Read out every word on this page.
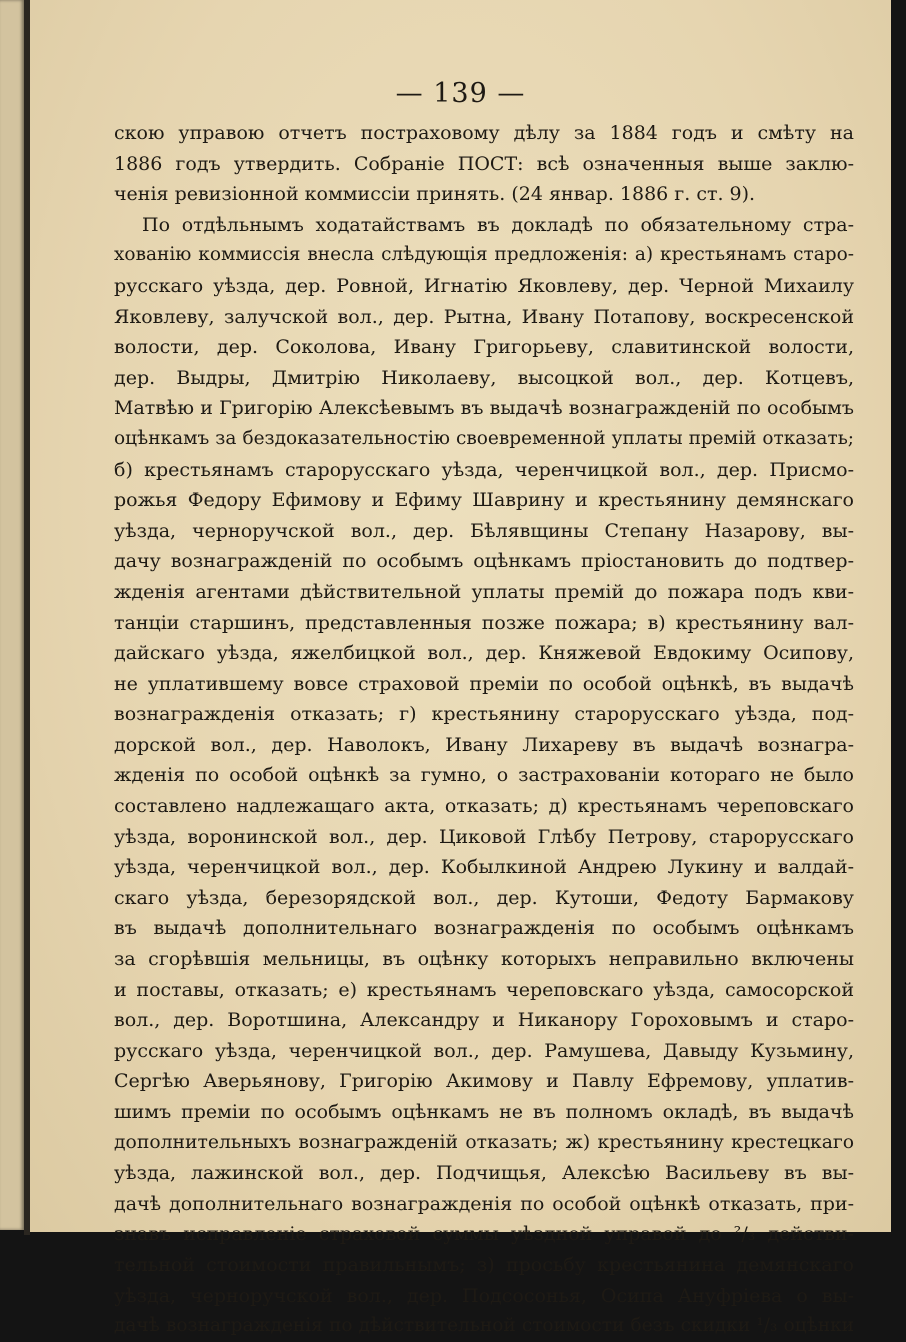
— 139 —
скою управою отчетъ постраховому дѣлу за 1884 годъ и смѣту на
1886 годъ утвердить. Собраніе ПОСТ: всѣ означенныя выше заклю-
ченія ревизіонной коммиссіи принять. (24 январ. 1886 г. ст. 9).
По отдѣльнымъ ходатайствамъ въ докладѣ по обязательному стра-
хованію коммиссія внесла слѣдующія предложенія: а) крестьянамъ старо-
русскаго уѣзда, дер. Ровной, Игнатію Яковлеву, дер. Черной Михаилу
Яковлеву, залучской вол., дер. Рытна, Ивану Потапову, воскресенской
волости, дер. Соколова, Ивану Григорьеву, славитинской волости,
дер. Выдры, Дмитрію Николаеву, высоцкой вол., дер. Котцевъ,
Матвѣю и Григорію Алексѣевымъ въ выдачѣ вознагражденій по особымъ
оцѣнкамъ за бездоказательностію своевременной уплаты премій отказать;
б) крестьянамъ старорусскаго уѣзда, черенчицкой вол., дер. Присмо-
рожья Федору Ефимову и Ефиму Шаврину и крестьянину демянскаго
уѣзда, черноручской вол., дер. Бѣлявщины Степану Назарову, вы-
дачу вознагражденій по особымъ оцѣнкамъ пріостановить до подтвер-
жденія агентами дѣйствительной уплаты премій до пожара подъ кви-
танціи старшинъ, представленныя позже пожара; в) крестьянину вал-
дайскаго уѣзда, яжелбицкой вол., дер. Княжевой Евдокиму Осипову,
не уплатившему вовсе страховой преміи по особой оцѣнкѣ, въ выдачѣ
вознагражденія отказать; г) крестьянину старорусскаго уѣзда, под-
дорской вол., дер. Наволокъ, Ивану Лихареву въ выдачѣ вознагра-
жденія по особой оцѣнкѣ за гумно, о застрахованіи котораго не было
составлено надлежащаго акта, отказать; д) крестьянамъ череповскаго
уѣзда, воронинской вол., дер. Циковой Глѣбу Петрову, старорусскаго
уѣзда, черенчицкой вол., дер. Кобылкиной Андрею Лукину и валдай-
скаго уѣзда, березорядской вол., дер. Кутоши, Федоту Бармакову
въ выдачѣ дополнительнаго вознагражденія по особымъ оцѣнкамъ
за сгорѣвшія мельницы, въ оцѣнку которыхъ неправильно включены
и поставы, отказать; е) крестьянамъ череповскаго уѣзда, самосорской
вол., дер. Воротшина, Александру и Никанору Гороховымъ и старо-
русскаго уѣзда, черенчицкой вол., дер. Рамушева, Давыду Кузьмину,
Сергѣю Аверьянову, Григорію Акимову и Павлу Ефремову, уплатив-
шимъ преміи по особымъ оцѣнкамъ не въ полномъ окладѣ, въ выдачѣ
дополнительныхъ вознагражденій отказать; ж) крестьянину крестецкаго
уѣзда, лажинской вол., дер. Подчищья, Алексѣю Васильеву въ вы-
дачѣ дополнительнаго вознагражденія по особой оцѣнкѣ отказать, при-
знавъ исправленіе страховой суммы уѣздной управой до ²/₃ действи-
тельной стоимости правильнымъ; з) просьбу крестьянина демянскаго
уѣзда, черноручской вол., дер. Подсосонья, Осипа Ануфріева о вы-
дачѣ вознагражденія по дѣйствительной стоимости безъ скидки ¹/₃ оцѣнки
